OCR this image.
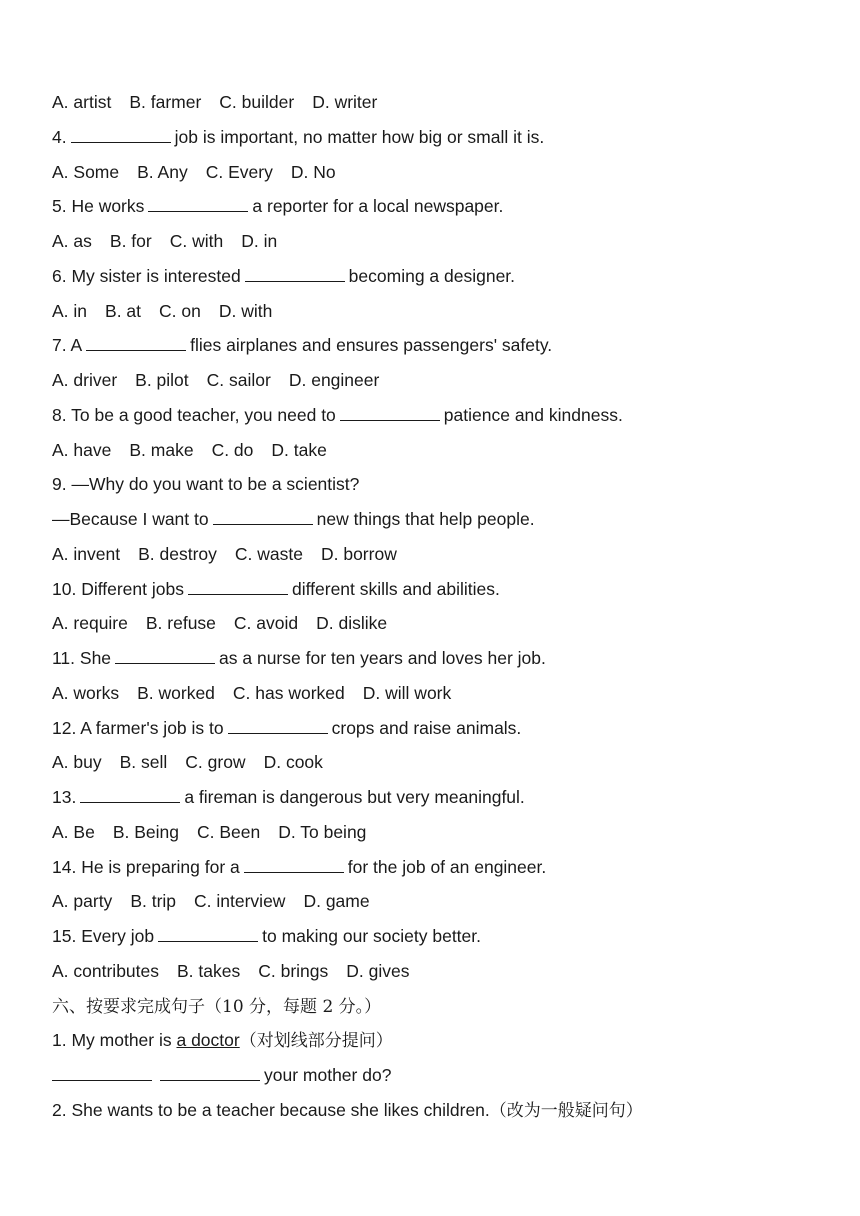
A. artist B. farmer C. builder D. writer
4.	job is important, no matter how big or small it is.
A. Some B. Any C. Every D. No
5. He works	a reporter for a local newspaper.
A. as B. for C. with D. in
6. My sister is interested	becoming a designer.
A. in B. at C. on D. with
7. A	flies airplanes and ensures passengers' safety.
A. driver B. pilot C. sailor D. engineer
8. To be a good teacher, you need to	patience and kindness.
A. have B. make C. do D. take
9. —Why do you want to be a scientist?
—Because I want to	new things that help people.
A. invent B. destroy C. waste D. borrow
10. Different jobs	different skills and abilities.
A. require B. refuse C. avoid D. dislike
11. She	as a nurse for ten years and loves her job.
A. works B. worked C. has worked D. will work
12. A farmer's job is to	crops and raise animals.
A. buy B. sell C. grow D. cook
13.	a fireman is dangerous but very meaningful.
A. Be B. Being C. Been D. To being
14. He is preparing for a	for the job of an engineer.
A. party B. trip C. interview D. game
15. Every job	to making our society better.
A. contributes B. takes C. brings D. gives
六、按要求完成句子（10 分，每题 2 分。）
1. My mother is a doctor（对划线部分提问）
your mother do?
2. She wants to be a teacher because she likes children.（改为一般疑问句）
